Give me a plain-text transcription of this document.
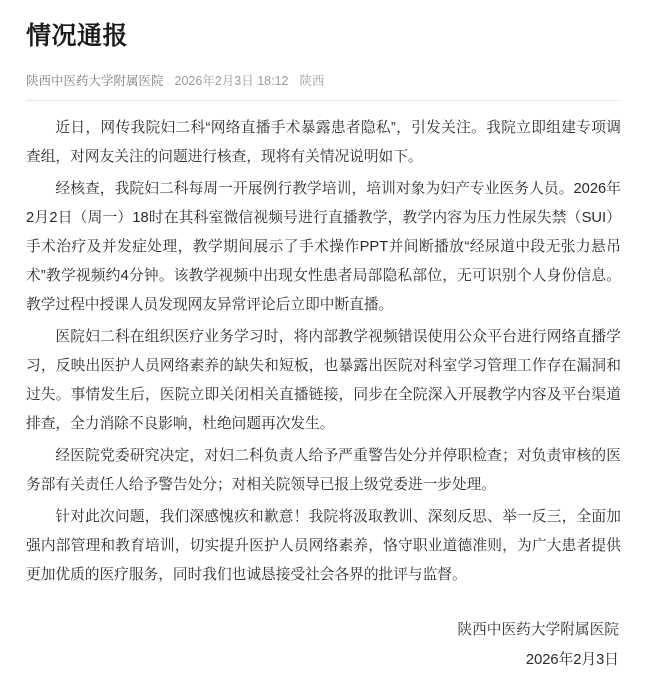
情况通报
陕西中医药大学附属医院 2026年2月3日 18:12 陕西

近日，网传我院妇二科“网络直播手术暴露患者隐私”，引发关注。我院立即组建专项调查组，对网友关注的问题进行核查，现将有关情况说明如下。

经核查，我院妇二科每周一开展例行教学培训，培训对象为妇产专业医务人员。2026年2月2日（周一）18时在其科室微信视频号进行直播教学，教学内容为压力性尿失禁（SUI）手术治疗及并发症处理，教学期间展示了手术操作PPT并间断播放“经尿道中段无张力悬吊术”教学视频约4分钟。该教学视频中出现女性患者局部隐私部位，无可识别个人身份信息。教学过程中授课人员发现网友异常评论后立即中断直播。

医院妇二科在组织医疗业务学习时，将内部教学视频错误使用公众平台进行网络直播学习，反映出医护人员网络素养的缺失和短板，也暴露出医院对科室学习管理工作存在漏洞和过失。事情发生后，医院立即关闭相关直播链接，同步在全院深入开展教学内容及平台渠道排查，全力消除不良影响，杜绝问题再次发生。

经医院党委研究决定，对妇二科负责人给予严重警告处分并停职检查；对负责审核的医务部有关责任人给予警告处分；对相关院领导已报上级党委进一步处理。

针对此次问题，我们深感愧疚和歉意！我院将汲取教训、深刻反思、举一反三，全面加强内部管理和教育培训，切实提升医护人员网络素养，恪守职业道德准则，为广大患者提供更加优质的医疗服务，同时我们也诚恳接受社会各界的批评与监督。

陕西中医药大学附属医院
2026年2月3日
